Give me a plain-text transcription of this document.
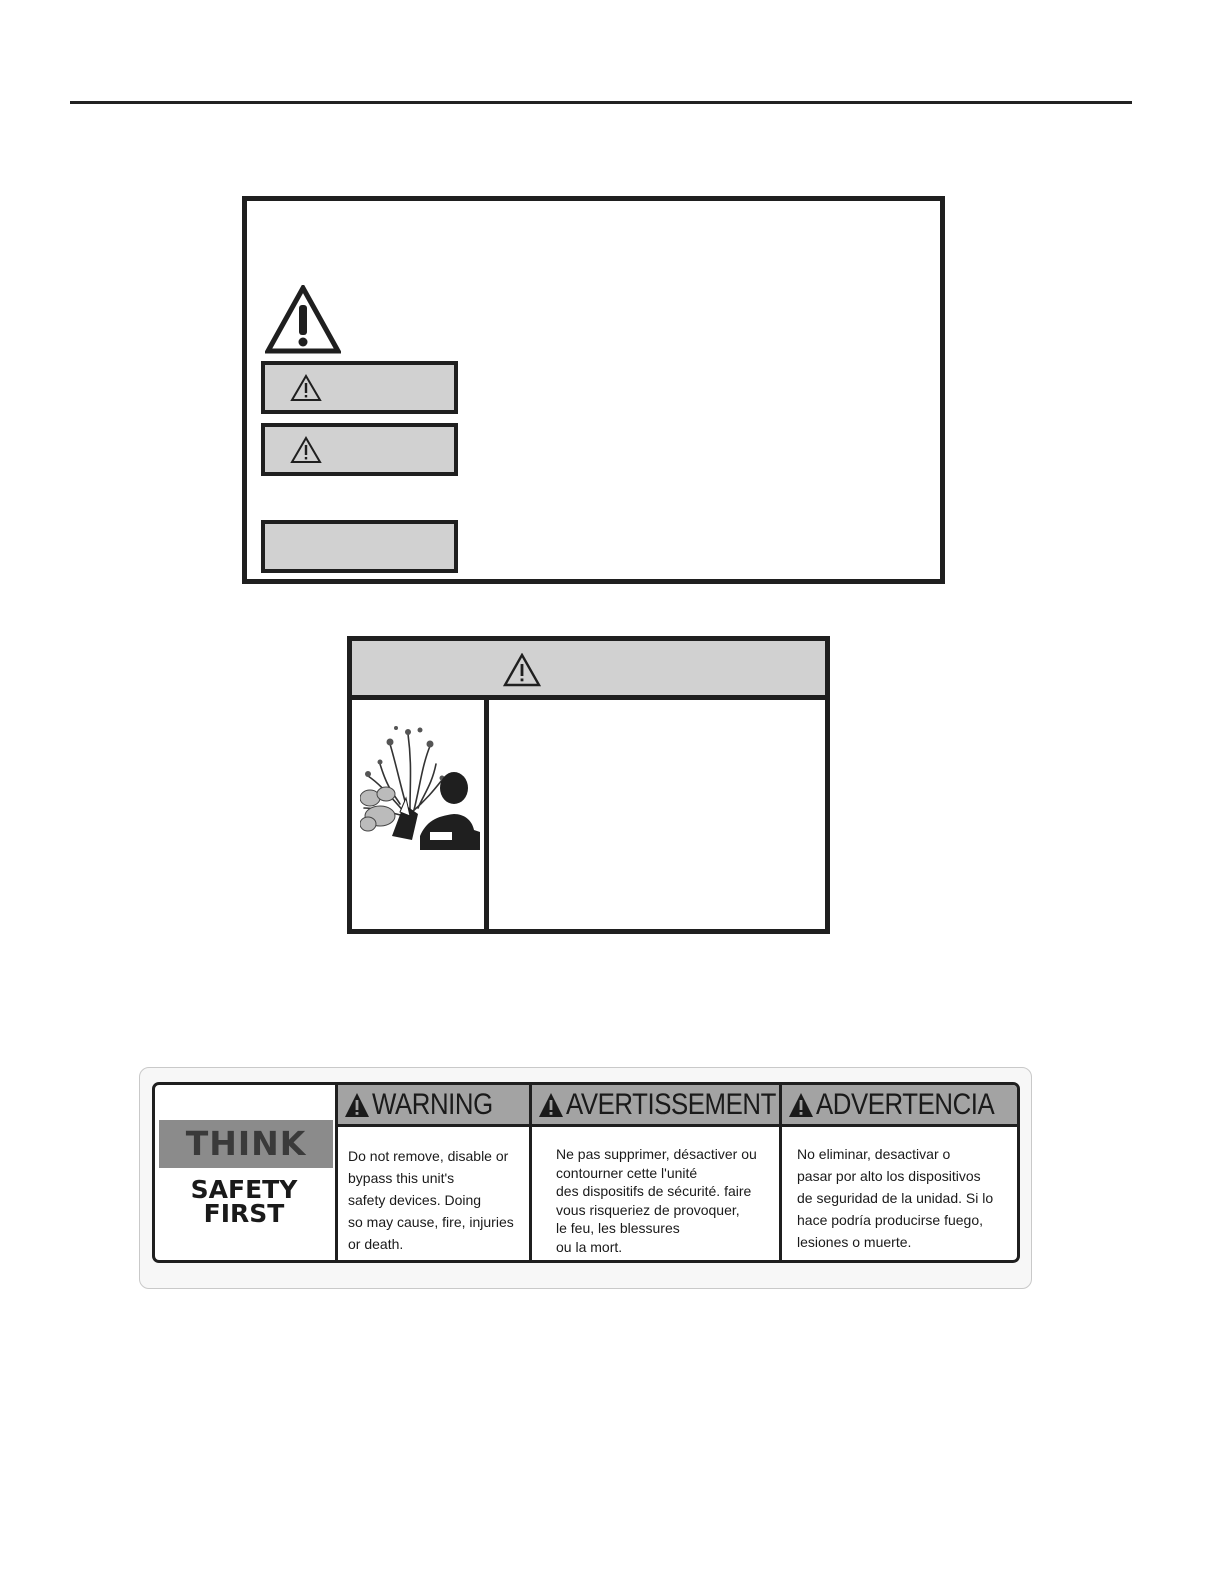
THINK
SAFETY
FIRST
WARNING
Do not remove, disable or
bypass this unit's
safety devices. Doing
so may cause, fire, injuries
or death.
AVERTISSEMENT
Ne pas supprimer, désactiver ou
contourner cette l'unité
des dispositifs de sécurité. faire
vous risqueriez de provoquer,
le feu, les blessures
ou la mort.
ADVERTENCIA
No eliminar, desactivar o
pasar por alto los dispositivos
de seguridad de la unidad. Si lo
hace podría producirse fuego,
lesiones o muerte.
